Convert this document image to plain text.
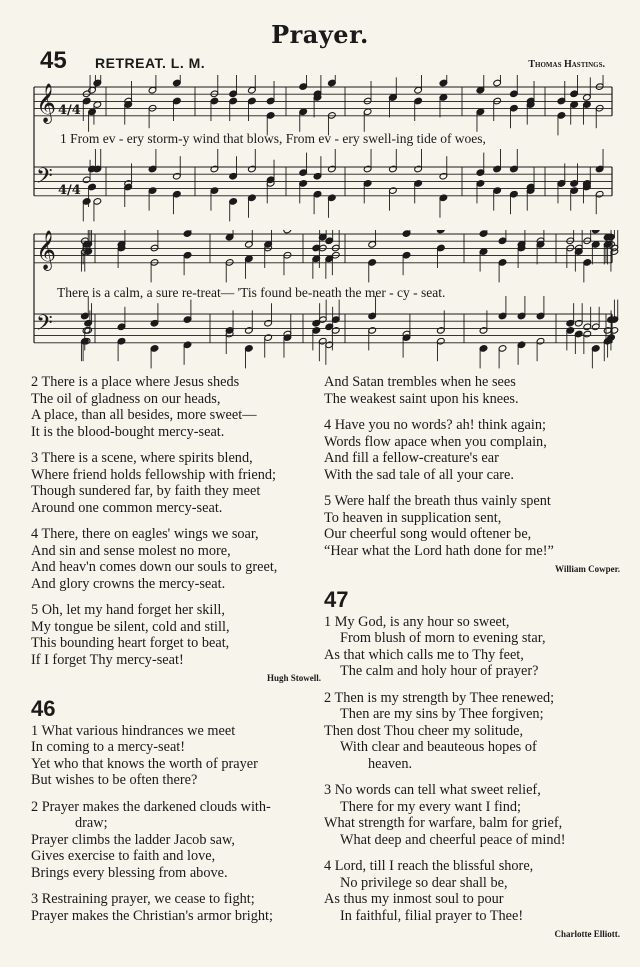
Prayer.
45 RETREAT. L. M.	Thomas Hastings.
𝄞
𝄢
4/4
4/4
1 From ev - ery storm-y wind that blows, From ev - ery swell-ing tide of woes,
𝄞
𝄢
There is a calm, a sure re-treat— 'Tis found be-neath the mer - cy - seat.
2 There is a place where Jesus sheds
The oil of gladness on our heads,
A place, than all besides, more sweet—
It is the blood-bought mercy-seat.
3 There is a scene, where spirits blend,
Where friend holds fellowship with friend;
Though sundered far, by faith they meet
Around one common mercy-seat.
4 There, there on eagles' wings we soar,
And sin and sense molest no more,
And heav'n comes down our souls to greet,
And glory crowns the mercy-seat.
5 Oh, let my hand forget her skill,
My tongue be silent, cold and still,
This bounding heart forget to beat,
If I forget Thy mercy-seat!
Hugh Stowell.
46
1 What various hindrances we meet
In coming to a mercy-seat!
Yet who that knows the worth of prayer
But wishes to be often there?
2 Prayer makes the darkened clouds with-
draw;
Prayer climbs the ladder Jacob saw,
Gives exercise to faith and love,
Brings every blessing from above.
3 Restraining prayer, we cease to fight;
Prayer makes the Christian's armor bright;
And Satan trembles when he sees
The weakest saint upon his knees.
4 Have you no words? ah! think again;
Words flow apace when you complain,
And fill a fellow-creature's ear
With the sad tale of all your care.
5 Were half the breath thus vainly spent
To heaven in supplication sent,
Our cheerful song would oftener be,
“Hear what the Lord hath done for me!”
William Cowper.
47
1 My God, is any hour so sweet,
From blush of morn to evening star,
As that which calls me to Thy feet,
The calm and holy hour of prayer?
2 Then is my strength by Thee renewed;
Then are my sins by Thee forgiven;
Then dost Thou cheer my solitude,
With clear and beauteous hopes of
heaven.
3 No words can tell what sweet relief,
There for my every want I find;
What strength for warfare, balm for grief,
What deep and cheerful peace of mind!
4 Lord, till I reach the blissful shore,
No privilege so dear shall be,
As thus my inmost soul to pour
In faithful, filial prayer to Thee!
Charlotte Elliott.
